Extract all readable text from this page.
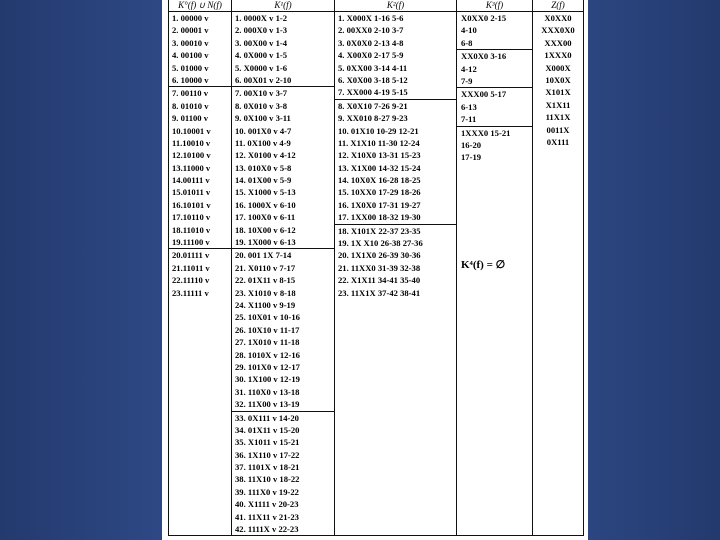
K°(f) ∪ N(f)
1. 00000 v
2. 00001 v
3. 00010 v
4. 00100 v
5. 01000 v
6. 10000 v
7. 00110 v
8. 01010 v
9. 01100 v
10.10001 v
11.10010 v
12.10100 v
13.11000 v
14.00111 v
15.01011 v
16.10101 v
17.10110 v
18.11010 v
19.11100 v
20.01111 v
21.11011 v
22.11110 v
23.11111 v
K¹(f)
1. 0000X v 1-2
2. 000X0 v 1-3
3. 00X00 v 1-4
4. 0X000 v 1-5
5. X0000 v 1-6
6. 00X01 v 2-10
7. 00X10 v 3-7
8. 0X010 v 3-8
9. 0X100 v 3-11
10. 001X0 v 4-7
11. 0X100 v 4-9
12. X0100 v 4-12
13. 010X0 v 5-8
14. 01X00 v 5-9
15. X1000 v 5-13
16. 1000X v 6-10
17. 100X0 v 6-11
18. 10X00 v 6-12
19. 1X000 v 6-13
20. 001 1X 7-14
21. X0110 v 7-17
22. 01X11 v 8-15
23. X1010 v 8-18
24. X1100 v 9-19
25. 10X01 v 10-16
26. 10X10 v 11-17
27. 1X010 v 11-18
28. 1010X v 12-16
29. 101X0 v 12-17
30. 1X100 v 12-19
31. 110X0 v 13-18
32. 11X00 v 13-19
33. 0X111 v 14-20
34. 01X11 v 15-20
35. X1011 v 15-21
36. 1X110 v 17-22
37. 1101X v 18-21
38. 11X10 v 18-22
39. 111X0 v 19-22
40. X1111 v 20-23
41. 11X11 v 21-23
42. 1111X v 22-23
K²(f)
1. X000X 1-16 5-6
2. 00XX0 2-10 3-7
3. 0X0X0 2-13 4-8
4. X00X0 2-17 5-9
5. 0XX00 3-14 4-11
6. X0X00 3-18 5-12
7. XX000 4-19 5-15
8. X0X10 7-26 9-21
9. XX010 8-27 9-23
10. 01X10 10-29 12-21
11. X1X10 11-30 12-24
12. X10X0 13-31 15-23
13. X1X00 14-32 15-24
14. 10X0X 16-28 18-25
15. 10XX0 17-29 18-26
16. 1X0X0 17-31 19-27
17. 1XX00 18-32 19-30
18. X101X 22-37 23-35
19. 1X X10 26-38 27-36
20. 1X1X0 26-39 30-36
21. 11XX0 31-39 32-38
22. X1X11 34-41 35-40
23. 11X1X 37-42 38-41
K³(f)
X0XX0 2-15
4-10
6-8
XX0X0 3-16
4-12
7-9
XXX00 5-17
6-13
7-11
1XXX0 15-21
16-20
17-19
K⁴(f) = ∅
Z(f)
X0XX0
XXX0X0
XXX00
1XXX0
X000X
10X0X
X101X
X1X11
11X1X
0011X
0X111
